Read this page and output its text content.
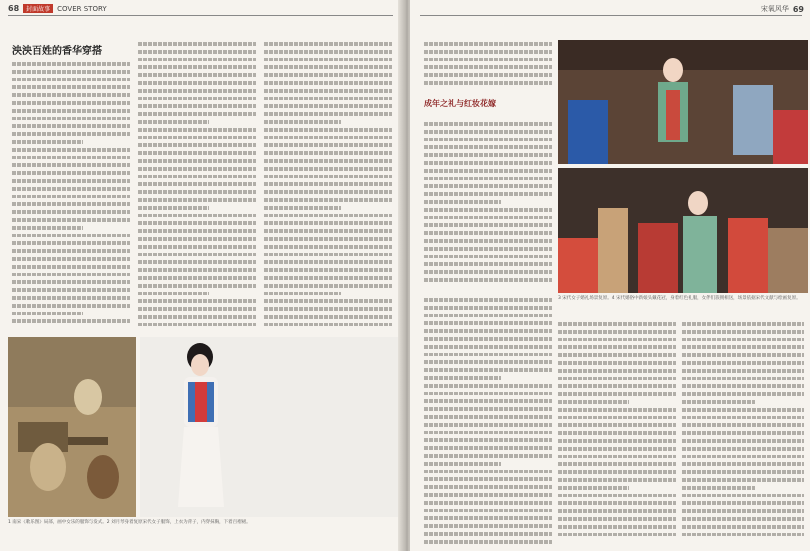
68	封面故事	COVER STORY
泱泱百姓的香华穿搭
1 南宋《歌乐图》局部，画中女乐的服饰与发式。2 刘月琴身着复原宋代女子服饰，上衣为背子，内穿抹胸，下着百褶裙。
宋氧风华 69
成年之礼与红妆花嫁
3 宋代女子婚礼场景复原。4 宋代婚俗中新娘头戴花冠，身着红色礼服，女伴们簇拥相送，场景依据宋代文献与绘画复原。
